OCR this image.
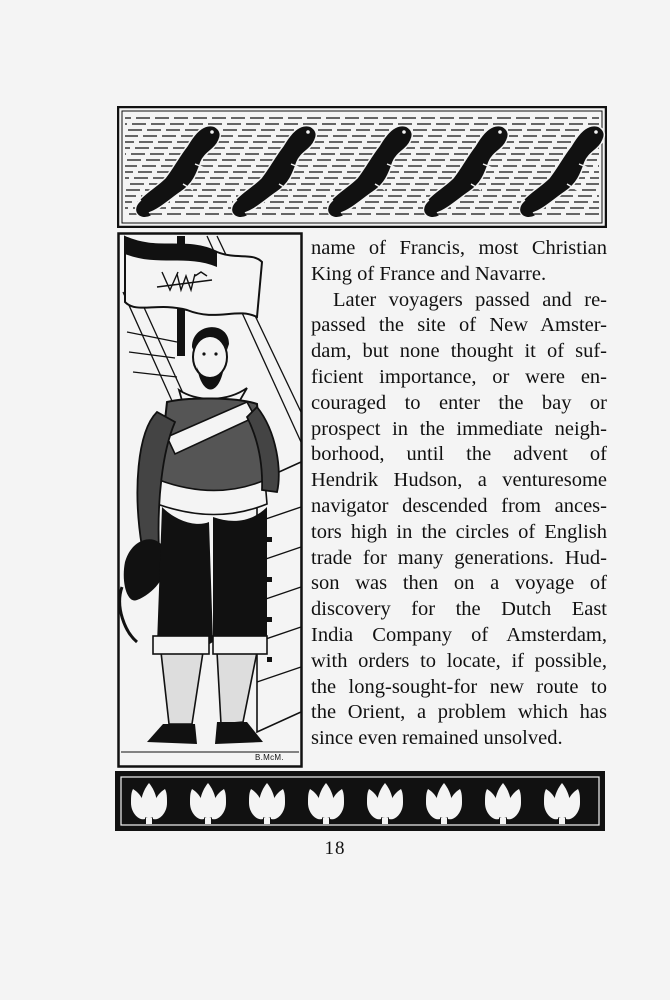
B.McM.
name of Francis, most Christian
King of France and Navarre.
Later voyagers passed and re-
passed the site of New Amster-
dam, but none thought it of suf-
ficient importance, or were en-
couraged to enter the bay or
prospect in the immediate neigh-
borhood, until the advent of
Hendrik Hudson, a venturesome
navigator descended from ances-
tors high in the circles of English
trade for many generations. Hud-
son was then on a voyage of
discovery for the Dutch East
India Company of Amsterdam,
with orders to locate, if possible,
the long-sought-for new route to
the Orient, a problem which has
since even remained unsolved.
18
